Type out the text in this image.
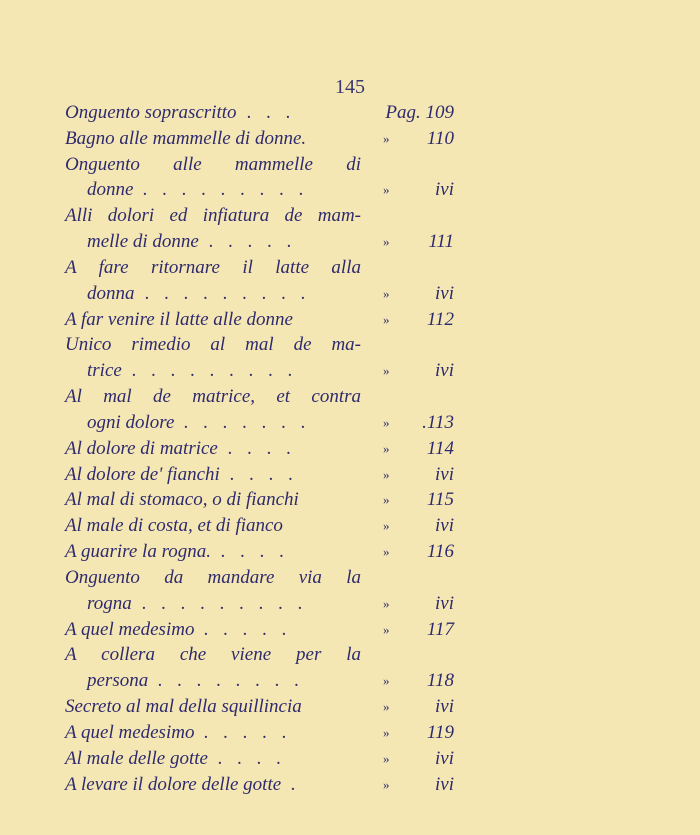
145
Onguento soprascritto . . .	Pag. 109
Bagno alle mammelle di donne.	»	110
Onguento alle mammelle di
donne . . . . . . . . .	»	ivi
Alli dolori ed infiatura de mam-
melle di donne . . . . .	»	111
A fare ritornare il latte alla
donna . . . . . . . . .	»	ivi
A far venire il latte alle donne	»	112
Unico rimedio al mal de ma-
trice . . . . . . . . .	»	ivi
Al mal de matrice, et contra
ogni dolore . . . . . . .	»	.113
Al dolore di matrice . . . .	»	114
Al dolore de' fianchi . . . .	»	ivi
Al mal di stomaco, o di fianchi	»	115
Al male di costa, et di fianco	»	ivi
A guarire la rogna. . . . .	»	116
Onguento da mandare via la
rogna . . . . . . . . .	»	ivi
A quel medesimo . . . . .	»	117
A collera che viene per la
persona . . . . . . . .	»	118
Secreto al mal della squillincia	»	ivi
A quel medesimo . . . . .	»	119
Al male delle gotte . . . .	»	ivi
A levare il dolore delle gotte .	»	ivi
